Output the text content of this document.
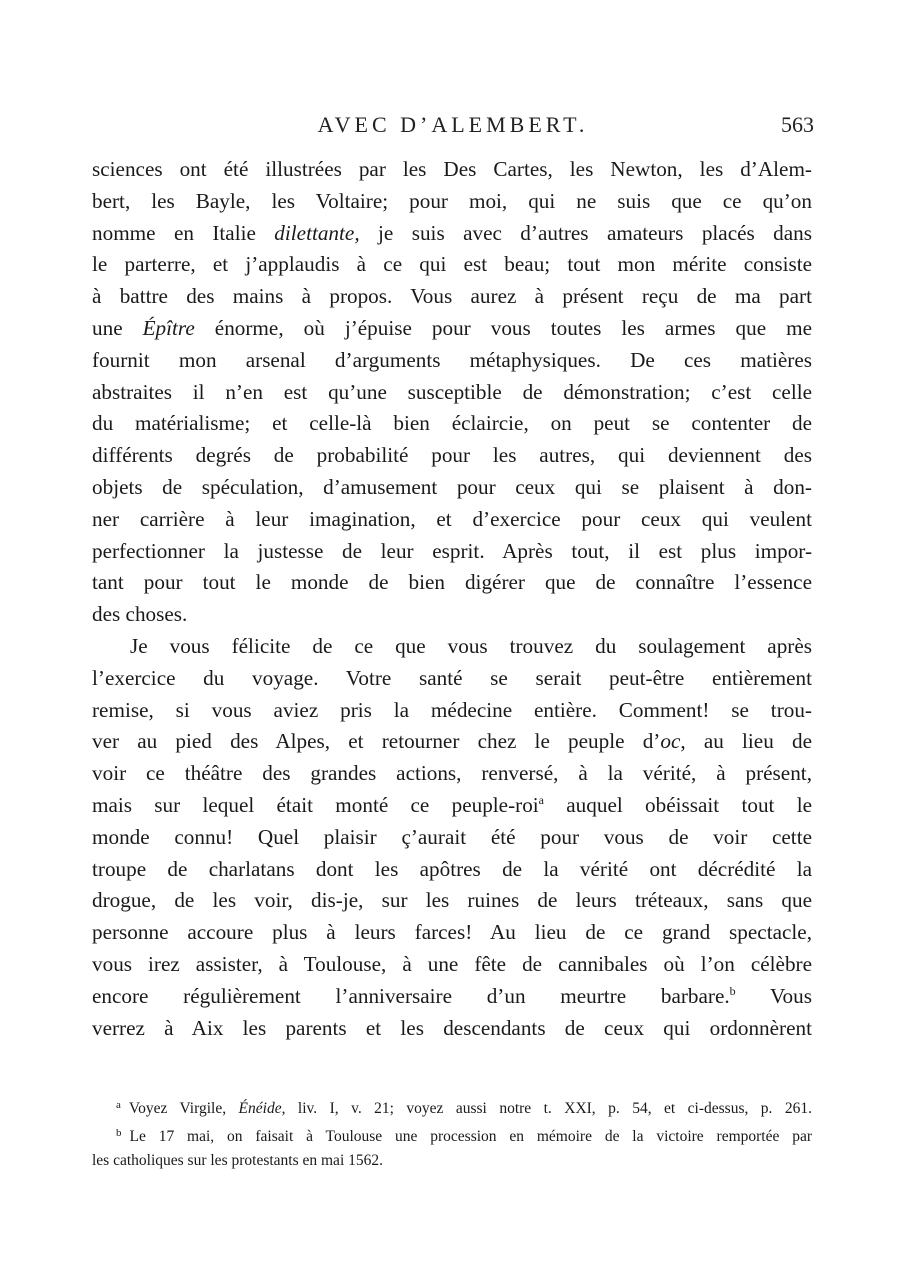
AVEC D’ALEMBERT.	563
sciences ont été illustrées par les Des Cartes, les Newton, les d’Alem-
bert, les Bayle, les Voltaire; pour moi, qui ne suis que ce qu’on
nomme en Italie dilettante, je suis avec d’autres amateurs placés dans
le parterre, et j’applaudis à ce qui est beau; tout mon mérite consiste
à battre des mains à propos. Vous aurez à présent reçu de ma part
une Épître énorme, où j’épuise pour vous toutes les armes que me
fournit mon arsenal d’arguments métaphysiques. De ces matières
abstraites il n’en est qu’une susceptible de démonstration; c’est celle
du matérialisme; et celle-là bien éclaircie, on peut se contenter de
différents degrés de probabilité pour les autres, qui deviennent des
objets de spéculation, d’amusement pour ceux qui se plaisent à don-
ner carrière à leur imagination, et d’exercice pour ceux qui veulent
perfectionner la justesse de leur esprit. Après tout, il est plus impor-
tant pour tout le monde de bien digérer que de connaître l’essence
des choses.
Je vous félicite de ce que vous trouvez du soulagement après
l’exercice du voyage. Votre santé se serait peut-être entièrement
remise, si vous aviez pris la médecine entière. Comment! se trou-
ver au pied des Alpes, et retourner chez le peuple d’oc, au lieu de
voir ce théâtre des grandes actions, renversé, à la vérité, à présent,
mais sur lequel était monté ce peuple-roi$^a$ auquel obéissait tout le
monde connu! Quel plaisir ç’aurait été pour vous de voir cette
troupe de charlatans dont les apôtres de la vérité ont décrédité la
drogue, de les voir, dis-je, sur les ruines de leurs tréteaux, sans que
personne accoure plus à leurs farces! Au lieu de ce grand spectacle,
vous irez assister, à Toulouse, à une fête de cannibales où l’on célèbre
encore régulièrement l’anniversaire d’un meurtre barbare.$^b$ Vous
verrez à Aix les parents et les descendants de ceux qui ordonnèrent
$^a$ Voyez Virgile, Énéide, liv. I, v. 21; voyez aussi notre t. XXI, p. 54, et ci-dessus, p. 261.
$^b$ Le 17 mai, on faisait à Toulouse une procession en mémoire de la victoire remportée par
les catholiques sur les protestants en mai 1562.
